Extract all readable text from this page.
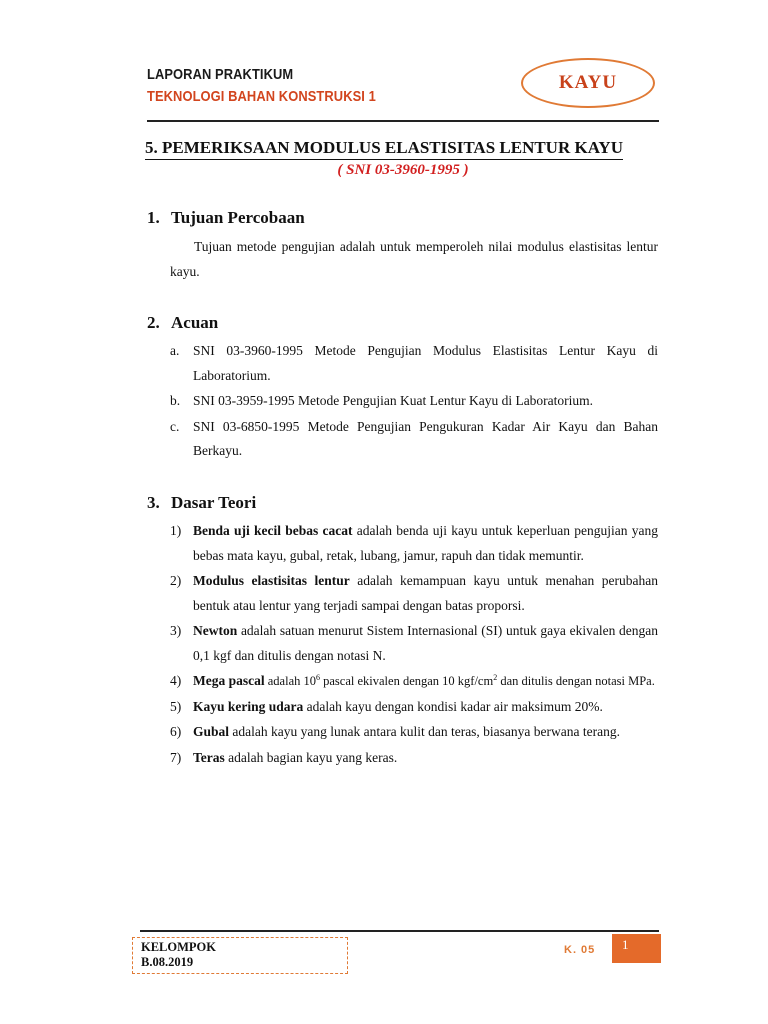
LAPORAN PRAKTIKUM
TEKNOLOGI BAHAN KONSTRUKSI 1
KAYU
5. PEMERIKSAAN MODULUS ELASTISITAS LENTUR KAYU
( SNI 03-3960-1995 )
1. Tujuan Percobaan
Tujuan metode pengujian adalah untuk memperoleh nilai modulus elastisitas lentur kayu.
2. Acuan
a. SNI 03-3960-1995 Metode Pengujian Modulus Elastisitas Lentur Kayu di Laboratorium.
b. SNI 03-3959-1995 Metode Pengujian Kuat Lentur Kayu di Laboratorium.
c. SNI 03-6850-1995 Metode Pengujian Pengukuran Kadar Air Kayu dan Bahan Berkayu.
3. Dasar Teori
1) Benda uji kecil bebas cacat adalah benda uji kayu untuk keperluan pengujian yang bebas mata kayu, gubal, retak, lubang, jamur, rapuh dan tidak memuntir.
2) Modulus elastisitas lentur adalah kemampuan kayu untuk menahan perubahan bentuk atau lentur yang terjadi sampai dengan batas proporsi.
3) Newton adalah satuan menurut Sistem Internasional (SI) untuk gaya ekivalen dengan 0,1 kgf dan ditulis dengan notasi N.
4) Mega pascal adalah $10^6$ pascal ekivalen dengan 10 kgf/$cm^2$ dan ditulis dengan notasi MPa.
5) Kayu kering udara adalah kayu dengan kondisi kadar air maksimum 20%.
6) Gubal adalah kayu yang lunak antara kulit dan teras, biasanya berwana terang.
7) Teras adalah bagian kayu yang keras.
KELOMPOK
B.08.2019
K. 05 1
